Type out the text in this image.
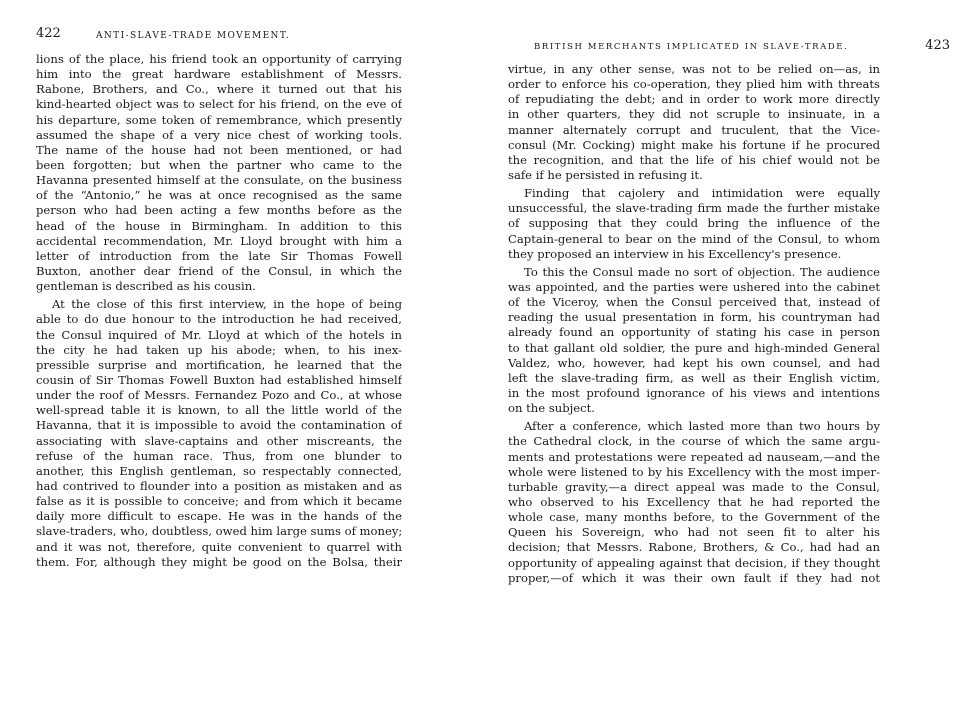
422	ANTI-SLAVE-TRADE MOVEMENT.
lions of the place, his friend took an opportunity of carrying
him into the great hardware establishment of Messrs.
Rabone, Brothers, and Co., where it turned out that his
kind-hearted object was to select for his friend, on the eve of
his departure, some token of remembrance, which presently
assumed the shape of a very nice chest of working tools.
The name of the house had not been mentioned, or had
been forgotten; but when the partner who came to the
Havanna presented himself at the consulate, on the business
of the “Antonio,” he was at once recognised as the same
person who had been acting a few months before as the
head of the house in Birmingham. In addition to this
accidental recommendation, Mr. Lloyd brought with him a
letter of introduction from the late Sir Thomas Fowell
Buxton, another dear friend of the Consul, in which the
gentleman is described as his cousin.
At the close of this first interview, in the hope of being
able to do due honour to the introduction he had received,
the Consul inquired of Mr. Lloyd at which of the hotels in
the city he had taken up his abode; when, to his inex-
pressible surprise and mortification, he learned that the
cousin of Sir Thomas Fowell Buxton had established himself
under the roof of Messrs. Fernandez Pozo and Co., at whose
well-spread table it is known, to all the little world of the
Havanna, that it is impossible to avoid the contamination of
associating with slave-captains and other miscreants, the
refuse of the human race. Thus, from one blunder to
another, this English gentleman, so respectably connected,
had contrived to flounder into a position as mistaken and as
false as it is possible to conceive; and from which it became
daily more difficult to escape. He was in the hands of the
slave-traders, who, doubtless, owed him large sums of money;
and it was not, therefore, quite convenient to quarrel with
them. For, although they might be good on the Bolsa, their
BRITISH MERCHANTS IMPLICATED IN SLAVE-TRADE.	423
virtue, in any other sense, was not to be relied on—as, in
order to enforce his co-operation, they plied him with threats
of repudiating the debt; and in order to work more directly
in other quarters, they did not scruple to insinuate, in a
manner alternately corrupt and truculent, that the Vice-
consul (Mr. Cocking) might make his fortune if he procured
the recognition, and that the life of his chief would not be
safe if he persisted in refusing it.
Finding that cajolery and intimidation were equally
unsuccessful, the slave-trading firm made the further mistake
of supposing that they could bring the influence of the
Captain-general to bear on the mind of the Consul, to whom
they proposed an interview in his Excellency's presence.
To this the Consul made no sort of objection. The audience
was appointed, and the parties were ushered into the cabinet
of the Viceroy, when the Consul perceived that, instead of
reading the usual presentation in form, his countryman had
already found an opportunity of stating his case in person
to that gallant old soldier, the pure and high-minded General
Valdez, who, however, had kept his own counsel, and had
left the slave-trading firm, as well as their English victim,
in the most profound ignorance of his views and intentions
on the subject.
After a conference, which lasted more than two hours by
the Cathedral clock, in the course of which the same argu-
ments and protestations were repeated ad nauseam,—and the
whole were listened to by his Excellency with the most imper-
turbable gravity,—a direct appeal was made to the Consul,
who observed to his Excellency that he had reported the
whole case, many months before, to the Government of the
Queen his Sovereign, who had not seen fit to alter his
decision; that Messrs. Rabone, Brothers, & Co., had had an
opportunity of appealing against that decision, if they thought
proper,—of which it was their own fault if they had not
